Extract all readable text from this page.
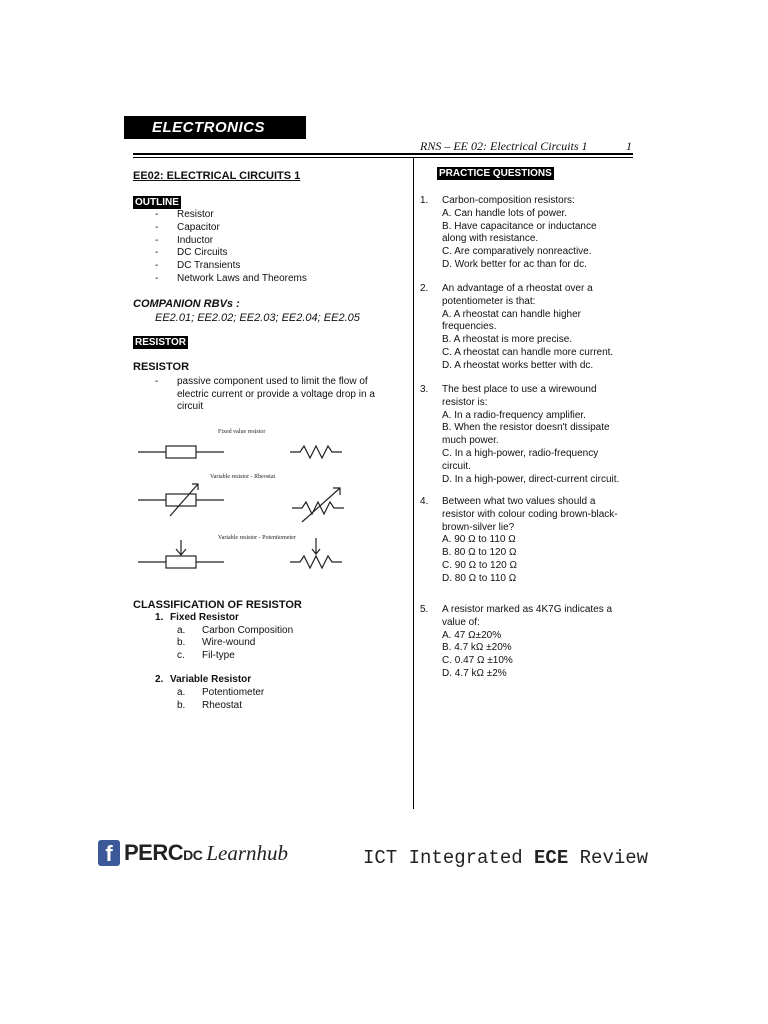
ELECTRONICS
RNS – EE 02: Electrical Circuits 1	1
EE02: ELECTRICAL CIRCUITS 1
OUTLINE
-	Resistor
-	Capacitor
-	Inductor
-	DC Circuits
-	DC Transients
-	Network Laws and Theorems
COMPANION RBVs :
EE2.01; EE2.02; EE2.03; EE2.04; EE2.05
RESISTOR
RESISTOR
-	passive component used to limit the flow of electric current or provide a voltage drop in a circuit
Fixed value resistor
Variable resistor - Rheostat
Variable resistor - Potentiometer
CLASSIFICATION OF RESISTOR
1. Fixed Resistor
a.	Carbon Composition
b.	Wire-wound
c.	Fil-type
2. Variable Resistor
a.	Potentiometer
b.	Rheostat
PRACTICE QUESTIONS
1.	Carbon-composition resistors:
A. Can handle lots of power.
B. Have capacitance or inductance
along with resistance.
C. Are comparatively nonreactive.
D. Work better for ac than for dc.
2.	An advantage of a rheostat over a
potentiometer is that:
A. A rheostat can handle higher
frequencies.
B. A rheostat is more precise.
C. A rheostat can handle more current.
D. A rheostat works better with dc.
3.	The best place to use a wirewound
resistor is:
A. In a radio-frequency amplifier.
B. When the resistor doesn't dissipate
much power.
C. In a high-power, radio-frequency
circuit.
D. In a high-power, direct-current circuit.
4.	Between what two values should a
resistor with colour coding brown-black-
brown-silver lie?
A. 90 Ω to 110 Ω
B. 80 Ω to 120 Ω
C. 90 Ω to 120 Ω
D. 80 Ω to 110 Ω
5.	A resistor marked as 4K7G indicates a
value of:
A. 47 Ω±20%
B. 4.7 kΩ ±20%
C. 0.47 Ω ±10%
D. 4.7 kΩ ±2%
f PERCDC Learnhub	ICT Integrated ECE Review
